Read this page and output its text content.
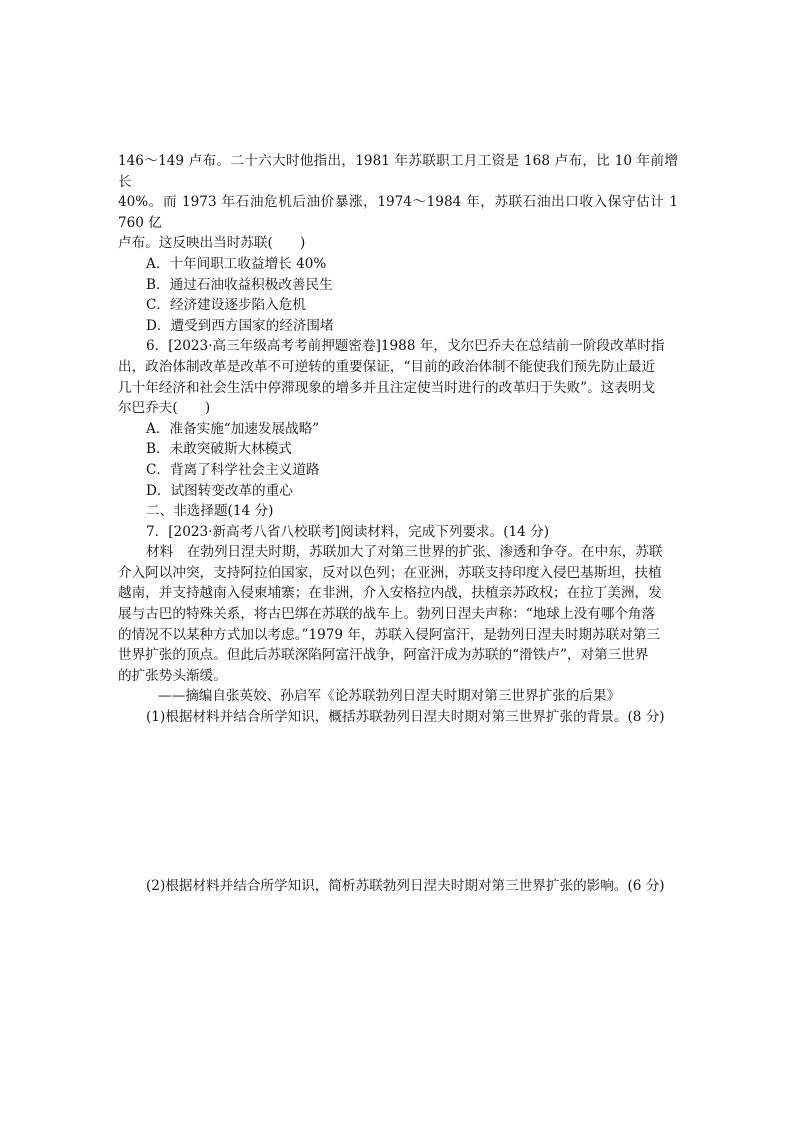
146～149 卢布。二十六大时他指出，1981 年苏联职工月工资是 168 卢布，比 10 年前增长

40%。而 1973 年石油危机后油价暴涨，1974～1984 年，苏联石油出口收入保守估计 1 760 亿

卢布。这反映出当时苏联(　　)

A．十年间职工收益增长 40%

B．通过石油收益积极改善民生

C．经济建设逐步陷入危机

D．遭受到西方国家的经济围堵

6．[2023·高三年级高考考前押题密卷]1988 年，戈尔巴乔夫在总结前一阶段改革时指

出，政治体制改革是改革不可逆转的重要保证，“目前的政治体制不能使我们预先防止最近

几十年经济和社会生活中停滞现象的增多并且注定使当时进行的改革归于失败”。这表明戈

尔巴乔夫(　　)

A．准备实施“加速发展战略”

B．未敢突破斯大林模式

C．背离了科学社会主义道路

D．试图转变改革的重心

二、非选择题(14 分)

7．[2023·新高考八省八校联考]阅读材料，完成下列要求。(14 分)

材料 在勃列日涅夫时期，苏联加大了对第三世界的扩张、渗透和争夺。在中东，苏联

介入阿以冲突，支持阿拉伯国家，反对以色列；在亚洲，苏联支持印度入侵巴基斯坦，扶植

越南，并支持越南入侵柬埔寨；在非洲，介入安格拉内战，扶植亲苏政权；在拉丁美洲，发

展与古巴的特殊关系，将古巴绑在苏联的战车上。勃列日涅夫声称：“地球上没有哪个角落

的情况不以某种方式加以考虑。”1979 年，苏联入侵阿富汗，是勃列日涅夫时期苏联对第三

世界扩张的顶点。但此后苏联深陷阿富汗战争，阿富汗成为苏联的“滑铁卢”，对第三世界

的扩张势头渐缓。

——摘编自张英姣、孙启军《论苏联勃列日涅夫时期对第三世界扩张的后果》

(1)根据材料并结合所学知识，概括苏联勃列日涅夫时期对第三世界扩张的背景。(8 分)

(2)根据材料并结合所学知识，简析苏联勃列日涅夫时期对第三世界扩张的影响。(6 分)
